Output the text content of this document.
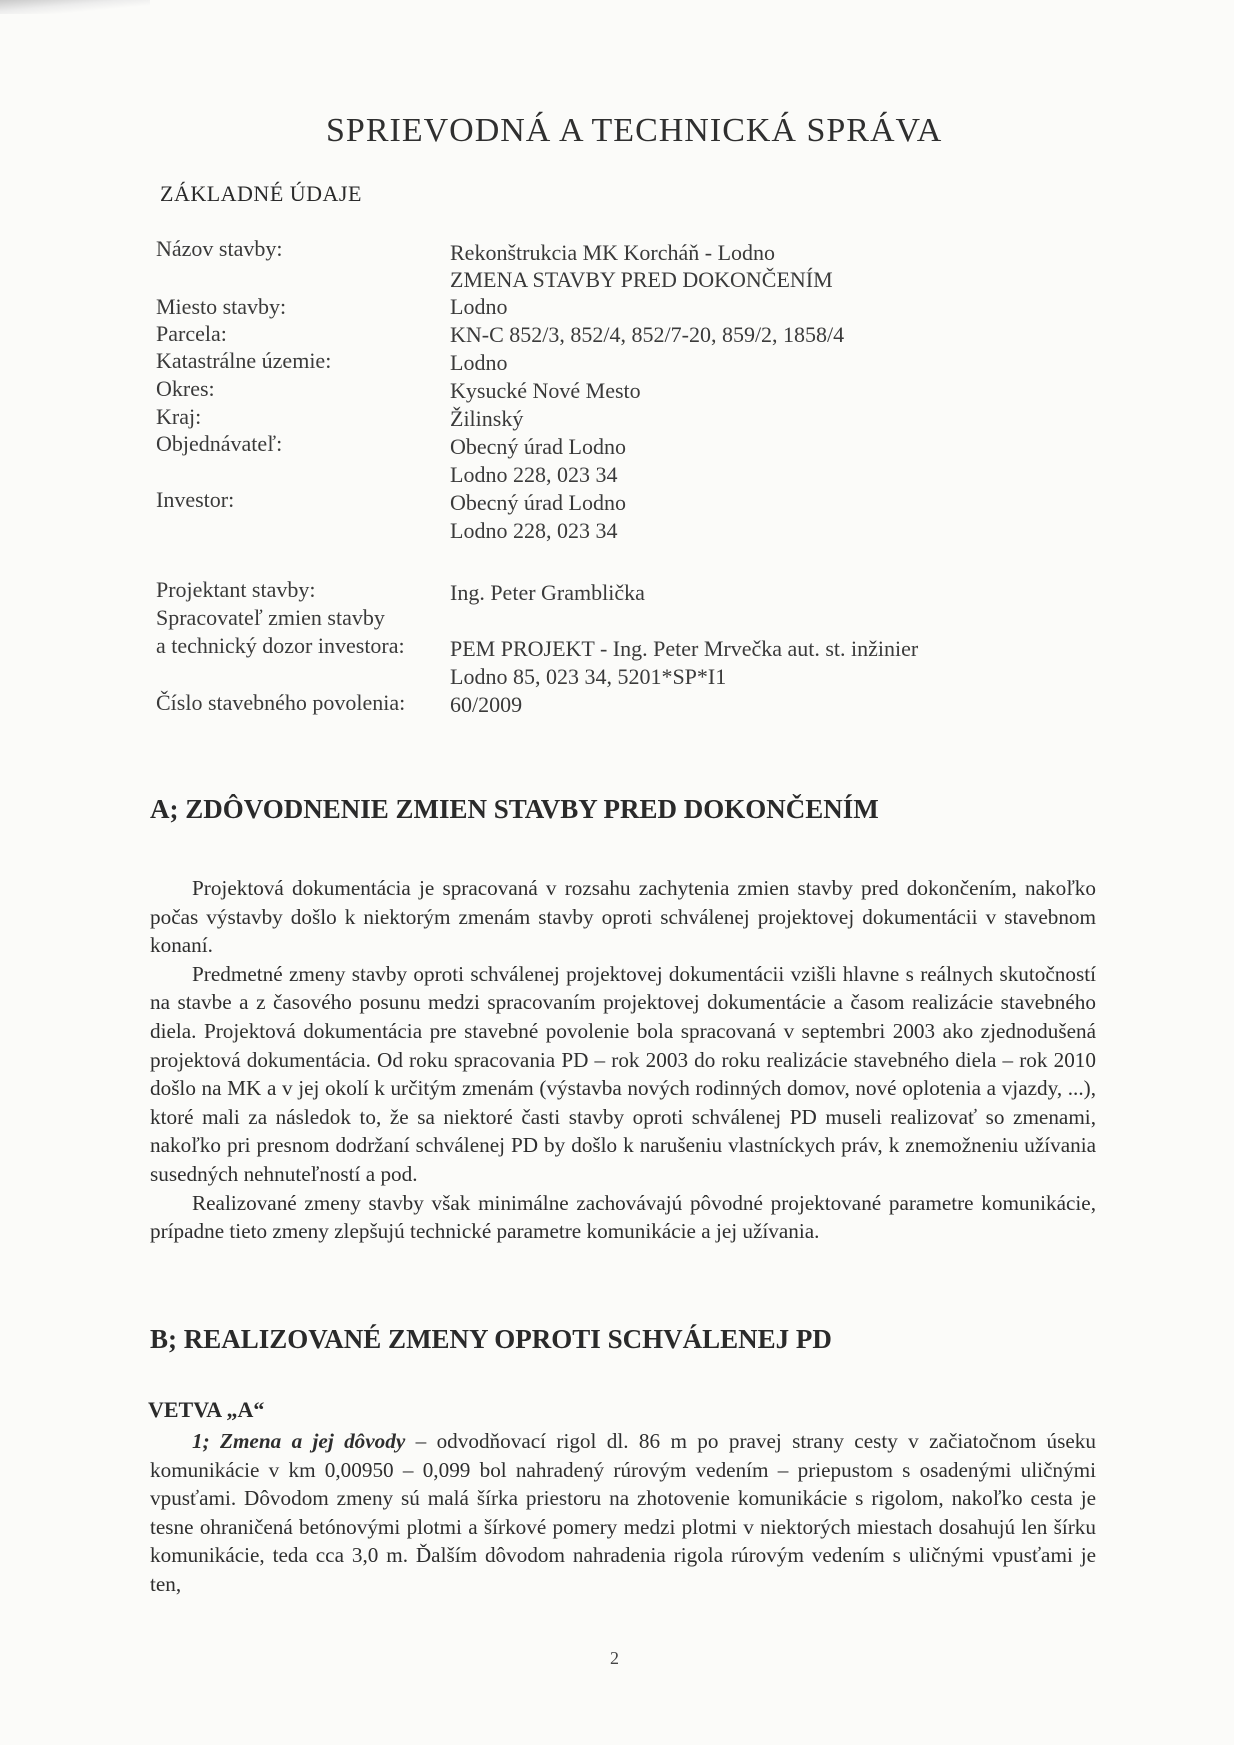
SPRIEVODNÁ A TECHNICKÁ SPRÁVA
ZÁKLADNÉ ÚDAJE
Názov stavby:	Rekonštrukcia MK Korcháň - Lodno
ZMENA STAVBY PRED DOKONČENÍM
Miesto stavby:	Lodno
Parcela:	KN-C 852/3, 852/4, 852/7-20, 859/2, 1858/4
Katastrálne územie:	Lodno
Okres:	Kysucké Nové Mesto
Kraj:	Žilinský
Objednávateľ:	Obecný úrad Lodno
Lodno 228, 023 34
Investor:	Obecný úrad Lodno
Lodno 228, 023 34
Projektant stavby:	Ing. Peter Gramblička
Spracovateľ zmien stavby
a technický dozor investora: PEM PROJEKT - Ing. Peter Mrvečka aut. st. inžinier
Lodno 85, 023 34, 5201*SP*I1
Číslo stavebného povolenia: 60/2009
A; ZDÔVODNENIE ZMIEN STAVBY PRED DOKONČENÍM

Projektová dokumentácia je spracovaná v rozsahu zachytenia zmien stavby pred dokončením, nakoľko počas výstavby došlo k niektorým zmenám stavby oproti schválenej projektovej dokumentácii v stavebnom konaní.

Predmetné zmeny stavby oproti schválenej projektovej dokumentácii vzišli hlavne s reálnych skutočností na stavbe a z časového posunu medzi spracovaním projektovej dokumentácie a časom realizácie stavebného diela. Projektová dokumentácia pre stavebné povolenie bola spracovaná v septembri 2003 ako zjednodušená projektová dokumentácia. Od roku spracovania PD – rok 2003 do roku realizácie stavebného diela – rok 2010 došlo na MK a v jej okolí k určitým zmenám (výstavba nových rodinných domov, nové oplotenia a vjazdy, ...), ktoré mali za následok to, že sa niektoré časti stavby oproti schválenej PD museli realizovať so zmenami, nakoľko pri presnom dodržaní schválenej PD by došlo k narušeniu vlastníckych práv, k znemožneniu užívania susedných nehnuteľností a pod.

Realizované zmeny stavby však minimálne zachovávajú pôvodné projektované parametre komunikácie, prípadne tieto zmeny zlepšujú technické parametre komunikácie a jej užívania.

B; REALIZOVANÉ ZMENY OPROTI SCHVÁLENEJ PD
VETVA „A“

1; Zmena a jej dôvody – odvodňovací rigol dl. 86 m po pravej strany cesty v začiatočnom úseku komunikácie v km 0,00950 – 0,099 bol nahradený rúrovým vedením – priepustom s osadenými uličnými vpusťami. Dôvodom zmeny sú malá šírka priestoru na zhotovenie komunikácie s rigolom, nakoľko cesta je tesne ohraničená betónovými plotmi a šírkové pomery medzi plotmi v niektorých miestach dosahujú len šírku komunikácie, teda cca 3,0 m. Ďalším dôvodom nahradenia rigola rúrovým vedením s uličnými vpusťami je ten,

2
